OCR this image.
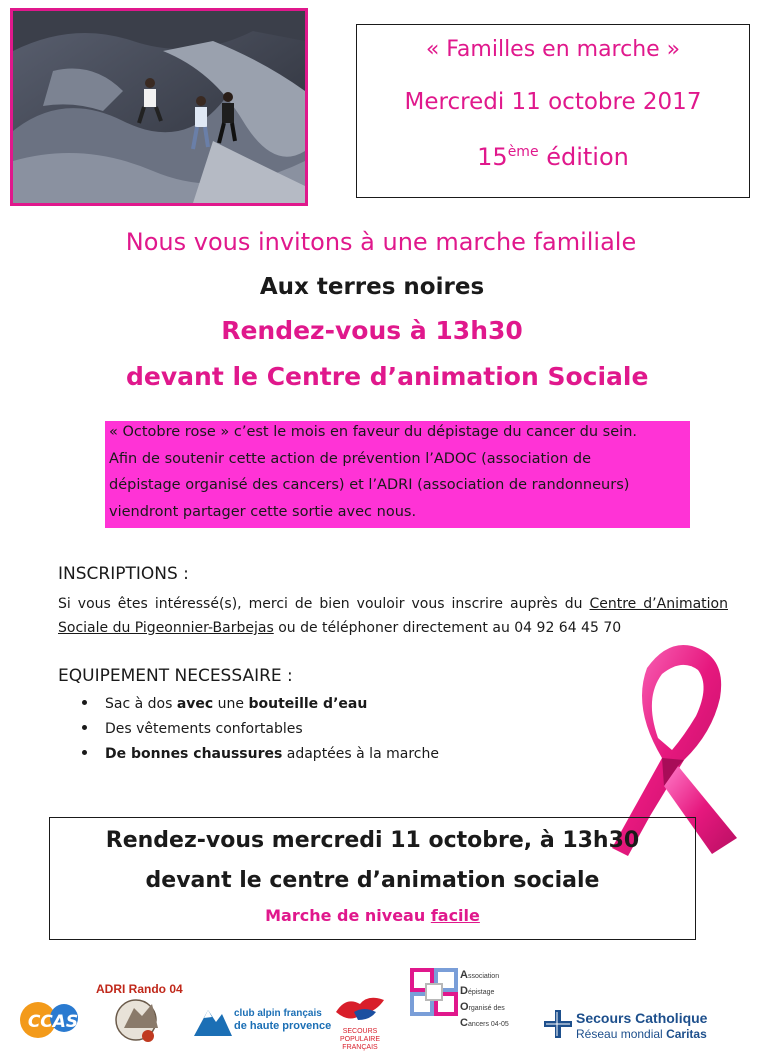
« Familles en marche »
Mercredi 11 octobre 2017
15ème édition
Nous vous invitons à une marche familiale
Aux terres noires
Rendez-vous à 13h30
devant le Centre d’animation Sociale

« Octobre rose » c’est le mois en faveur du dépistage du cancer du sein.

Afin de soutenir cette action de prévention l’ADOC (association de

dépistage organisé des cancers) et l’ADRI (association de randonneurs)

viendront partager cette sortie avec nous.

INSCRIPTIONS :
Si vous êtes intéressé(s), merci de bien vouloir vous inscrire auprès du Centre d’Animation Sociale du Pigeonnier-Barbejas ou de téléphoner directement au 04 92 64 45 70
EQUIPEMENT NECESSAIRE :
Sac à dos avec une bouteille d’eau
Des vêtements confortables
De bonnes chaussures adaptées à la marche
Rendez-vous mercredi 11 octobre, à 13h30
devant le centre d’animation sociale
Marche de niveau facile
CCAS
ADRI Rando 04
club alpin français
de haute provence	SECOURS POPULAIRE FRANÇAIS
Association
Dépistage
Organisé des
Cancers 04-05	Secours Catholique
Réseau mondial Caritas
